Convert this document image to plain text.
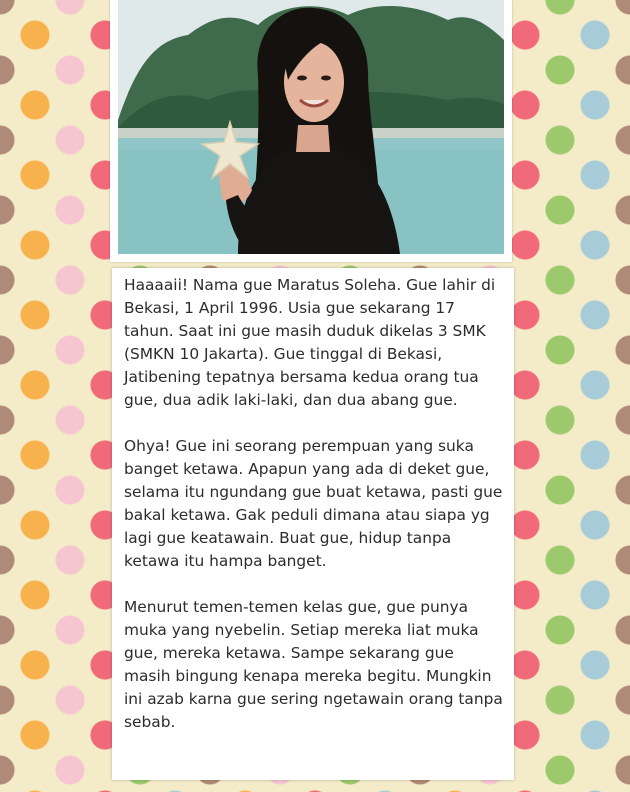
Haaaaii! Nama gue Maratus Soleha. Gue lahir di Bekasi, 1 April 1996. Usia gue sekarang 17 tahun. Saat ini gue masih duduk dikelas 3 SMK (SMKN 10 Jakarta). Gue tinggal di Bekasi, Jatibening tepatnya bersama kedua orang tua gue, dua adik laki-laki, dan dua abang gue.

Ohya! Gue ini seorang perempuan yang suka banget ketawa. Apapun yang ada di deket gue, selama itu ngundang gue buat ketawa, pasti gue bakal ketawa. Gak peduli dimana atau siapa yg lagi gue keatawain. Buat gue, hidup tanpa ketawa itu hampa banget.

Menurut temen-temen kelas gue, gue punya muka yang nyebelin. Setiap mereka liat muka gue, mereka ketawa. Sampe sekarang gue masih bingung kenapa mereka begitu. Mungkin ini azab karna gue sering ngetawain orang tanpa sebab.
